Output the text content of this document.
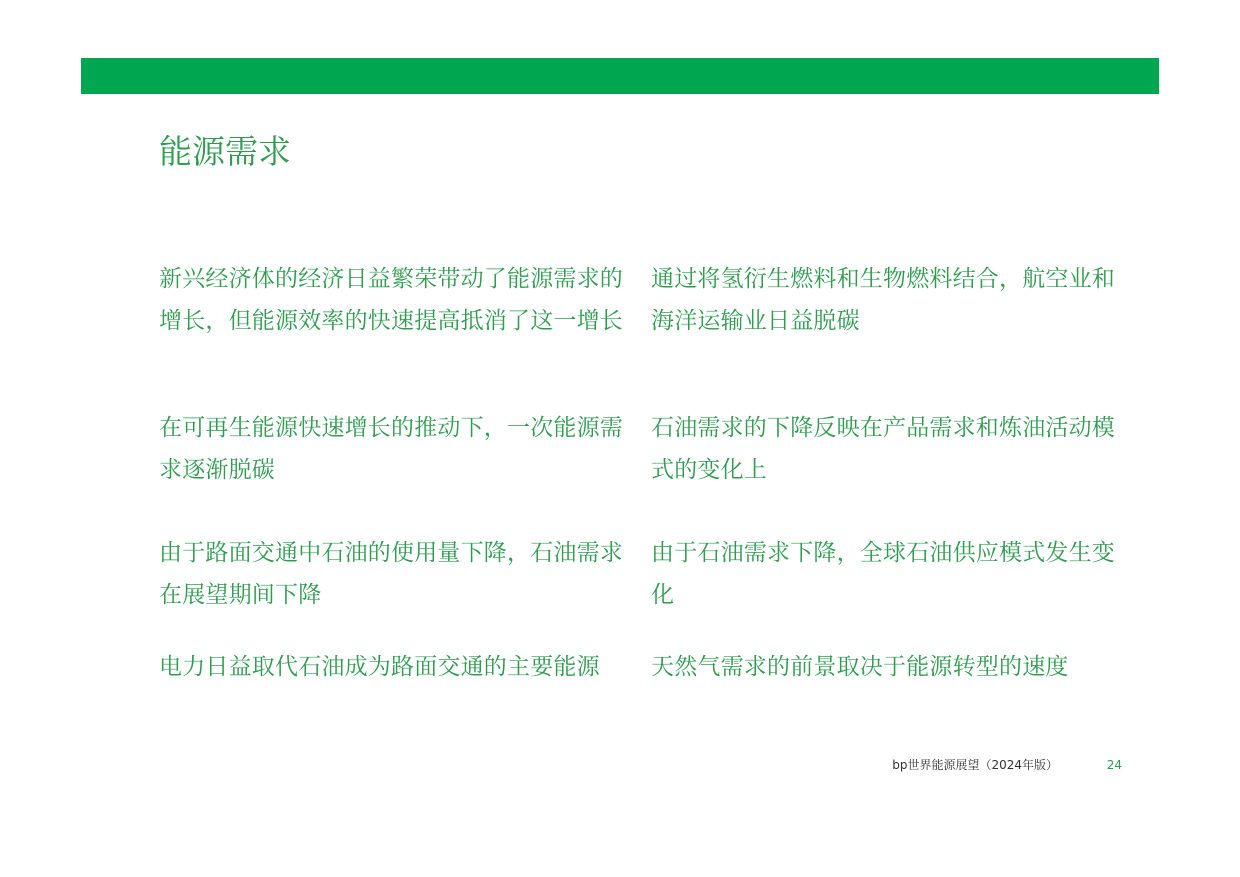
能源需求

新兴经济体的经济日益繁荣带动了能源需求的增长，但能源效率的快速提高抵消了这一增长

通过将氢衍生燃料和生物燃料结合，航空业和海洋运输业日益脱碳

在可再生能源快速增长的推动下，一次能源需求逐渐脱碳

石油需求的下降反映在产品需求和炼油活动模式的变化上

由于路面交通中石油的使用量下降，石油需求在展望期间下降

由于石油需求下降，全球石油供应模式发生变化

电力日益取代石油成为路面交通的主要能源	天然气需求的前景取决于能源转型的速度

bp世界能源展望（2024年版）	24
